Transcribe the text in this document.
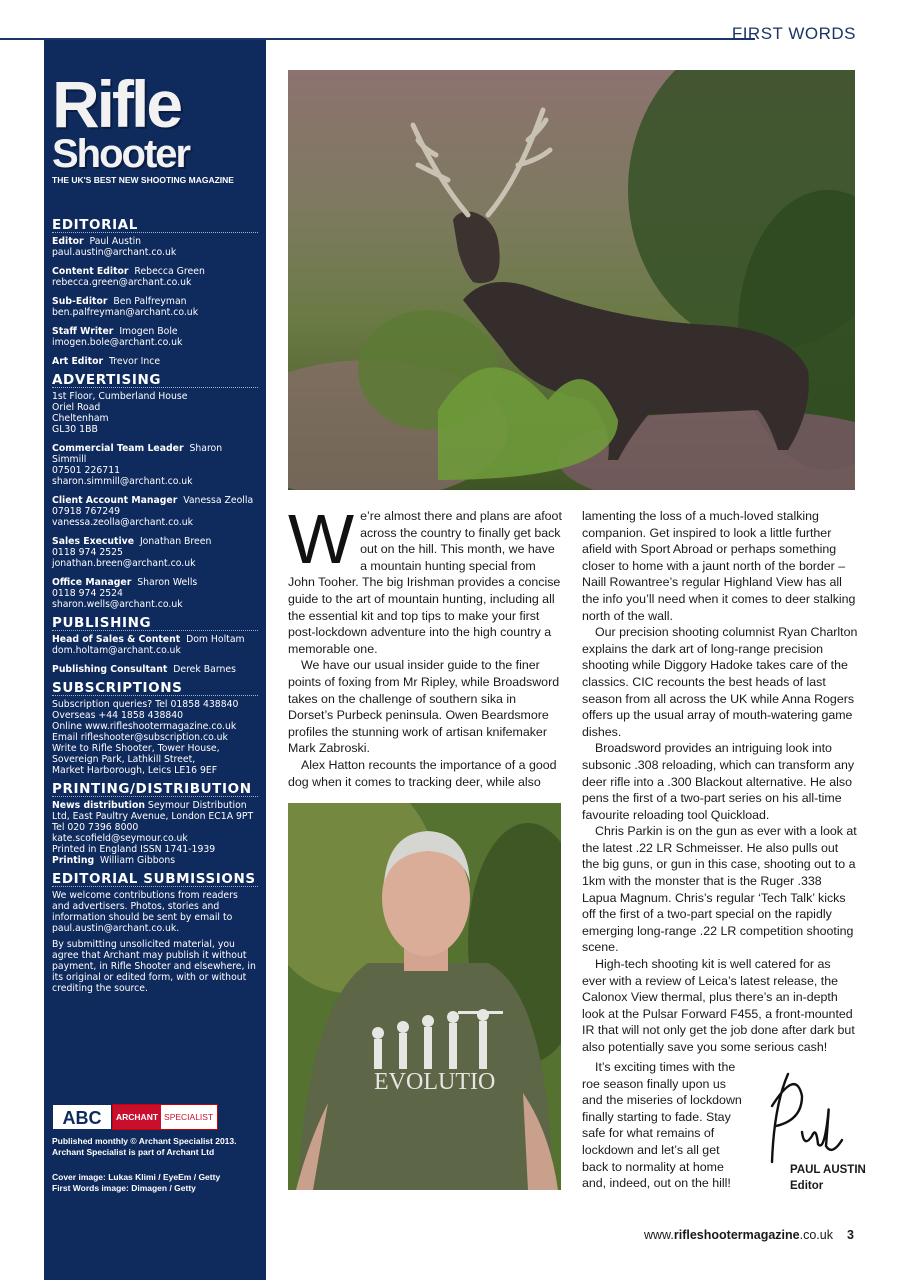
FIRST WORDS
Rifle
Shooter
THE UK'S BEST NEW SHOOTING MAGAZINE
EDITORIAL
Editor Paul Austin
paul.austin@archant.co.uk
Content Editor Rebecca Green
rebecca.green@archant.co.uk
Sub-Editor Ben Palfreyman
ben.palfreyman@archant.co.uk
Staff Writer Imogen Bole
imogen.bole@archant.co.uk
Art Editor Trevor Ince
ADVERTISING
1st Floor, Cumberland House
Oriel Road
Cheltenham
GL30 1BB
Commercial Team Leader Sharon Simmill
07501 226711
sharon.simmill@archant.co.uk
Client Account Manager Vanessa Zeolla
07918 767249
vanessa.zeolla@archant.co.uk
Sales Executive Jonathan Breen
0118 974 2525
jonathan.breen@archant.co.uk
Office Manager Sharon Wells
0118 974 2524
sharon.wells@archant.co.uk
PUBLISHING
Head of Sales & Content Dom Holtam
dom.holtam@archant.co.uk
Publishing Consultant Derek Barnes
SUBSCRIPTIONS
Subscription queries? Tel 01858 438840
Overseas +44 1858 438840
Online www.rifleshootermagazine.co.uk
Email rifleshooter@subscription.co.uk
Write to Rifle Shooter, Tower House,
Sovereign Park, Lathkill Street,
Market Harborough, Leics LE16 9EF
PRINTING/DISTRIBUTION
News distribution Seymour Distribution Ltd, East Paultry Avenue, London EC1A 9PT
Tel 020 7396 8000
kate.scofield@seymour.co.uk
Printed in England ISSN 1741-1939
Printing William Gibbons
EDITORIAL SUBMISSIONS
We welcome contributions from readers and advertisers. Photos, stories and information should be sent by email to paul.austin@archant.co.uk.
By submitting unsolicited material, you agree that Archant may publish it without payment, in Rifle Shooter and elsewhere, in its original or edited form, with or without crediting the source.
ABC	ARCHANT SPECIALIST
Published monthly © Archant Specialist 2013.
Archant Specialist is part of Archant Ltd
Cover image: Lukas Klimi / EyeEm / Getty
First Words image: Dimagen / Getty

We’re almost there and plans are afoot across the country to finally get back out on the hill. This month, we have a mountain hunting special from John Tooher. The big Irishman provides a concise guide to the art of mountain hunting, including all the essential kit and top tips to make your first post-lockdown adventure into the high country a memorable one.

We have our usual insider guide to the finer points of foxing from Mr Ripley, while Broadsword takes on the challenge of southern sika in Dorset’s Purbeck peninsula. Owen Beardsmore profiles the stunning work of artisan knifemaker Mark Zabroski.

Alex Hatton recounts the importance of a good dog when it comes to tracking deer, while also

EVOLUTIO

lamenting the loss of a much-loved stalking companion. Get inspired to look a little further afield with Sport Abroad or perhaps something closer to home with a jaunt north of the border – Naill Rowantree’s regular Highland View has all the info you’ll need when it comes to deer stalking north of the wall.

Our precision shooting columnist Ryan Charlton explains the dark art of long-range precision shooting while Diggory Hadoke takes care of the classics. CIC recounts the best heads of last season from all across the UK while Anna Rogers offers up the usual array of mouth-watering game dishes.

Broadsword provides an intriguing look into subsonic .308 reloading, which can transform any deer rifle into a .300 Blackout alternative. He also pens the first of a two-part series on his all-time favourite reloading tool Quickload.

Chris Parkin is on the gun as ever with a look at the latest .22 LR Schmeisser. He also pulls out the big guns, or gun in this case, shooting out to a 1km with the monster that is the Ruger .338 Lapua Magnum. Chris’s regular ‘Tech Talk’ kicks off the first of a two-part special on the rapidly emerging long-range .22 LR competition shooting scene.

High-tech shooting kit is well catered for as ever with a review of Leica’s latest release, the Calonox View thermal, plus there’s an in-depth look at the Pulsar Forward F455, a front-mounted IR that will not only get the job done after dark but also potentially save you some serious cash!

It’s exciting times with the roe season finally upon us and the miseries of lockdown finally starting to fade. Stay safe for what remains of lockdown and let’s all get back to normality at home and, indeed, out on the hill!

PAUL AUSTIN
Editor
www.rifleshootermagazine.co.uk 3
